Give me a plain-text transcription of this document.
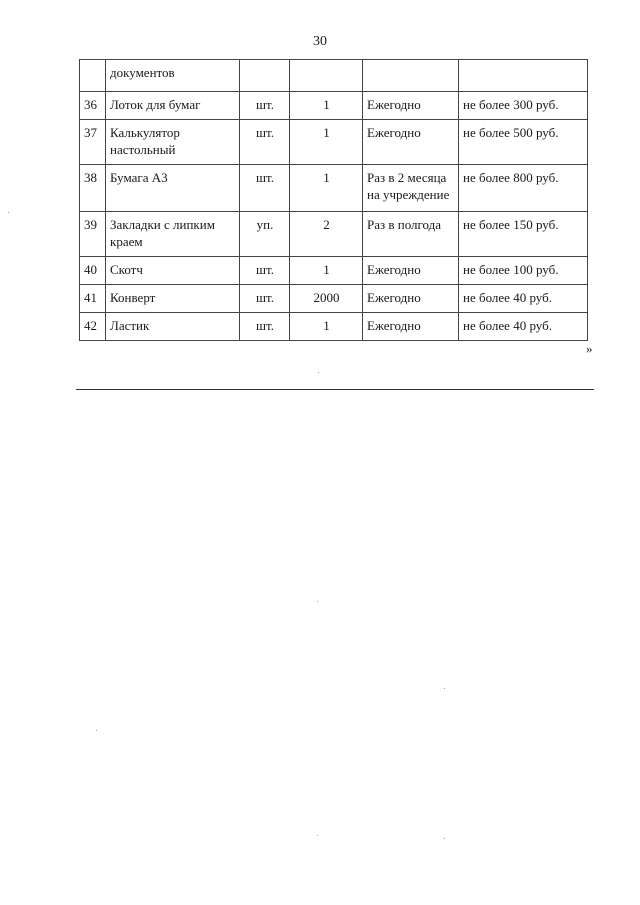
30
	документов				
36	Лоток для бумаг	шт.	1	Ежегодно	не более 300 руб.
37	Калькулятор настольный	шт.	1	Ежегодно	не более 500 руб.
38	Бумага А3	шт.	1	Раз в 2 месяца на учреждение	не более 800 руб.
39	Закладки с липким краем	уп.	2	Раз в полгода	не более 150 руб.
40	Скотч	шт.	1	Ежегодно	не более 100 руб.
41	Конверт	шт.	2000	Ежегодно	не более 40 руб.
42	Ластик	шт.	1	Ежегодно	не более 40 руб.
»
